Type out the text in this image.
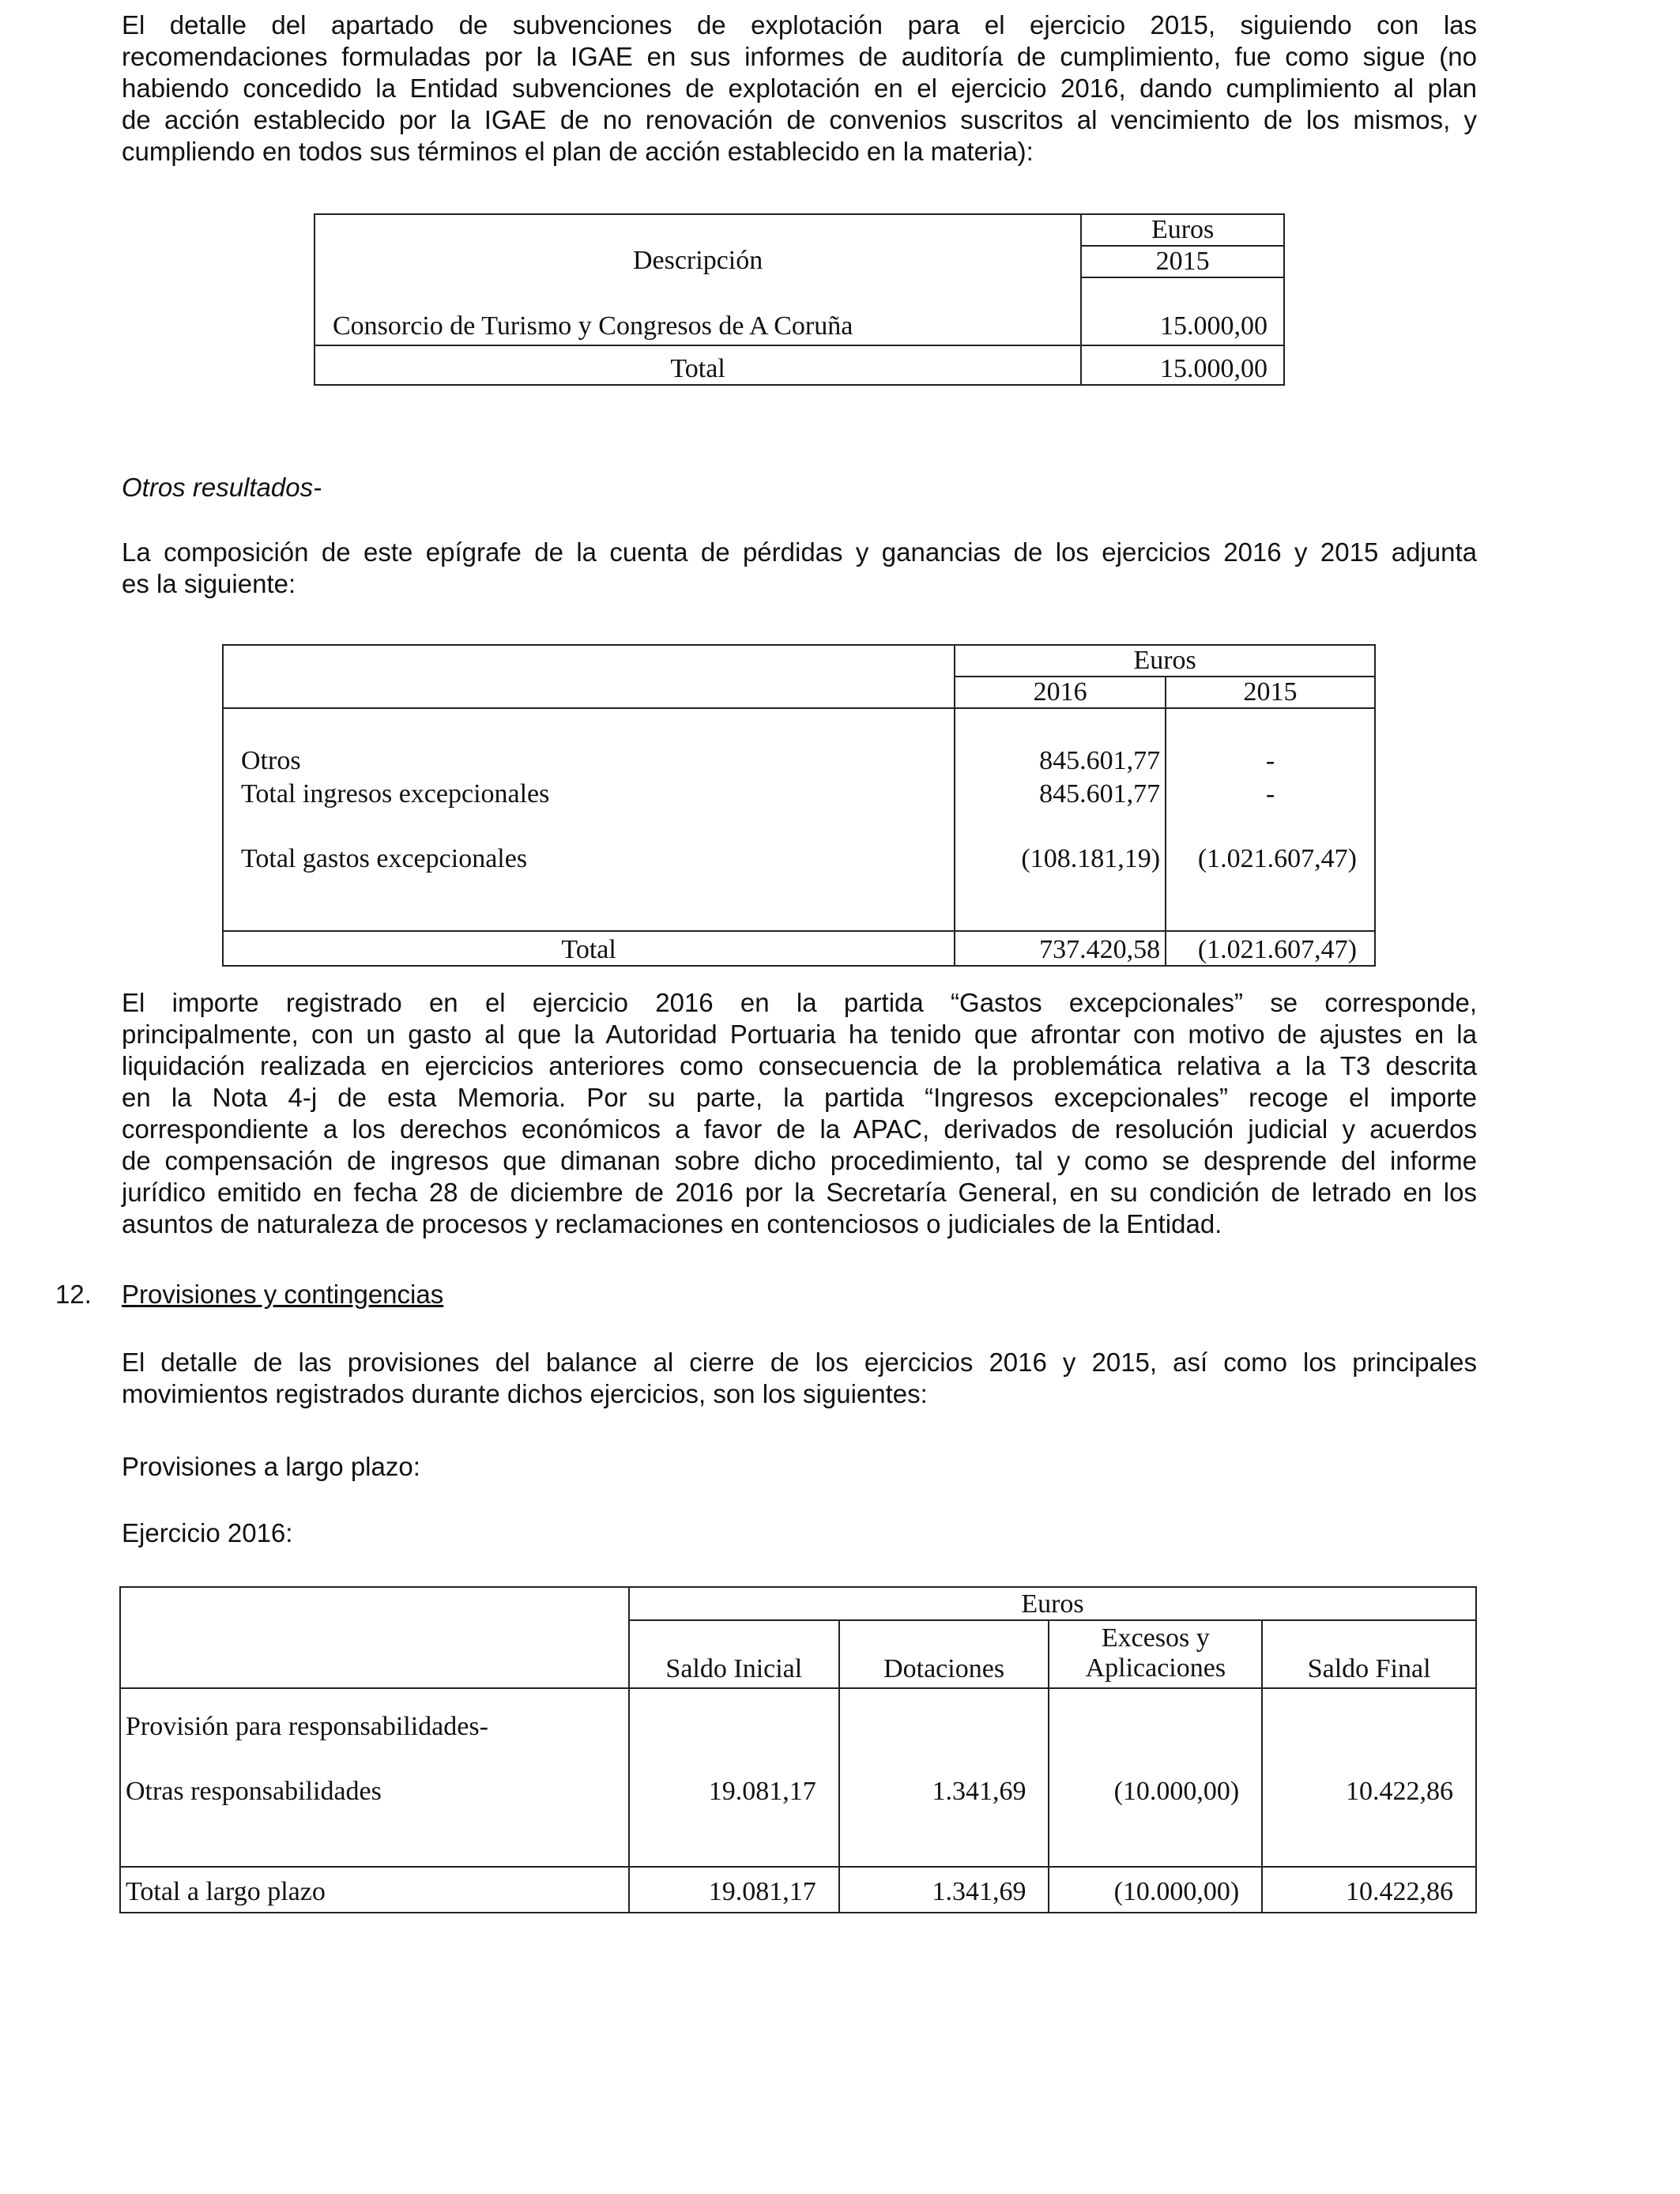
El detalle del apartado de subvenciones de explotación para el ejercicio 2015, siguiendo con las
recomendaciones formuladas por la IGAE en sus informes de auditoría de cumplimiento, fue como sigue (no
habiendo concedido la Entidad subvenciones de explotación en el ejercicio 2016, dando cumplimiento al plan
de acción establecido por la IGAE de no renovación de convenios suscritos al vencimiento de los mismos, y
cumpliendo en todos sus términos el plan de acción establecido en la materia):
Descripción	Euros
	2015
Consorcio de Turismo y Congresos de A Coruña	15.000,00
Total	15.000,00
Otros resultados-
La composición de este epígrafe de la cuenta de pérdidas y ganancias de los ejercicios 2016 y 2015 adjunta
es la siguiente:
	Euros	
	2016	2015
Otros	845.601,77	-
Total ingresos excepcionales	845.601,77	-
Total gastos excepcionales	(108.181,19)	(1.021.607,47)

Total	737.420,58	(1.021.607,47)
El importe registrado en el ejercicio 2016 en la partida “Gastos excepcionales” se corresponde,
principalmente, con un gasto al que la Autoridad Portuaria ha tenido que afrontar con motivo de ajustes en la
liquidación realizada en ejercicios anteriores como consecuencia de la problemática relativa a la T3 descrita
en la Nota 4-j de esta Memoria. Por su parte, la partida “Ingresos excepcionales” recoge el importe
correspondiente a los derechos económicos a favor de la APAC, derivados de resolución judicial y acuerdos
de compensación de ingresos que dimanan sobre dicho procedimiento, tal y como se desprende del informe
jurídico emitido en fecha 28 de diciembre de 2016 por la Secretaría General, en su condición de letrado en los
asuntos de naturaleza de procesos y reclamaciones en contenciosos o judiciales de la Entidad.
12. Provisiones y contingencias
El detalle de las provisiones del balance al cierre de los ejercicios 2016 y 2015, así como los principales
movimientos registrados durante dichos ejercicios, son los siguientes:
Provisiones a largo plazo:
Ejercicio 2016:
	Euros			
	Saldo Inicial	Dotaciones	Excesos y	Saldo Final
			Aplicaciones	
Provisión para responsabilidades-				
Otras responsabilidades	19.081,17	1.341,69	(10.000,00)	10.422,86

Total a largo plazo	19.081,17	1.341,69	(10.000,00)	10.422,86
